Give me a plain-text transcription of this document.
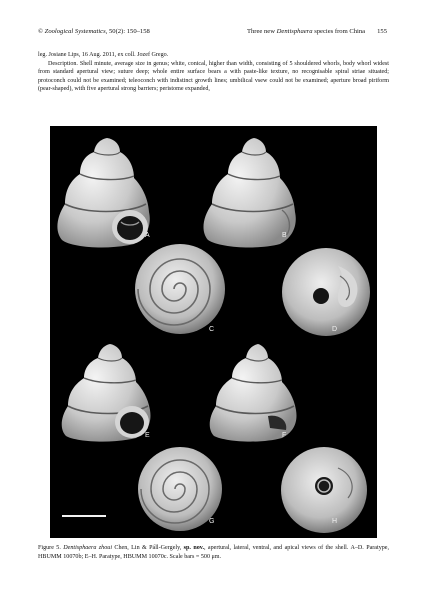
© Zoological Systematics, 50(2): 150–158	Three new Dentisphaera species from China 155

leg. Josiane Lips, 16 Aug. 2011, ex coll. Jozef Grego.

Description. Shell minute, average size in genus; white, conical, higher than width, consisting of 5 shouldered whorls, body whorl widest from standard apertural view; suture deep; whole entire surface bears a with paste-like texture, no recognisable spiral striae situated; protoconch could not be examined; teleoconch with indistinct growth lines; umbilical vsew could not be examined; aperture broad piriform (pear-shaped), with five apertural strong barriers; peristome expanded,

A	B
C	D
E	F
G	H
Figure 5. Dentisphaera zhoui Chen, Lin & Páll-Gergely, sp. nov., apertural, lateral, ventral, and apical views of the shell. A–D. Paratype, HBUMM 10070b; E–H. Paratype, HBUMM 10070c. Scale bars = 500 μm.
